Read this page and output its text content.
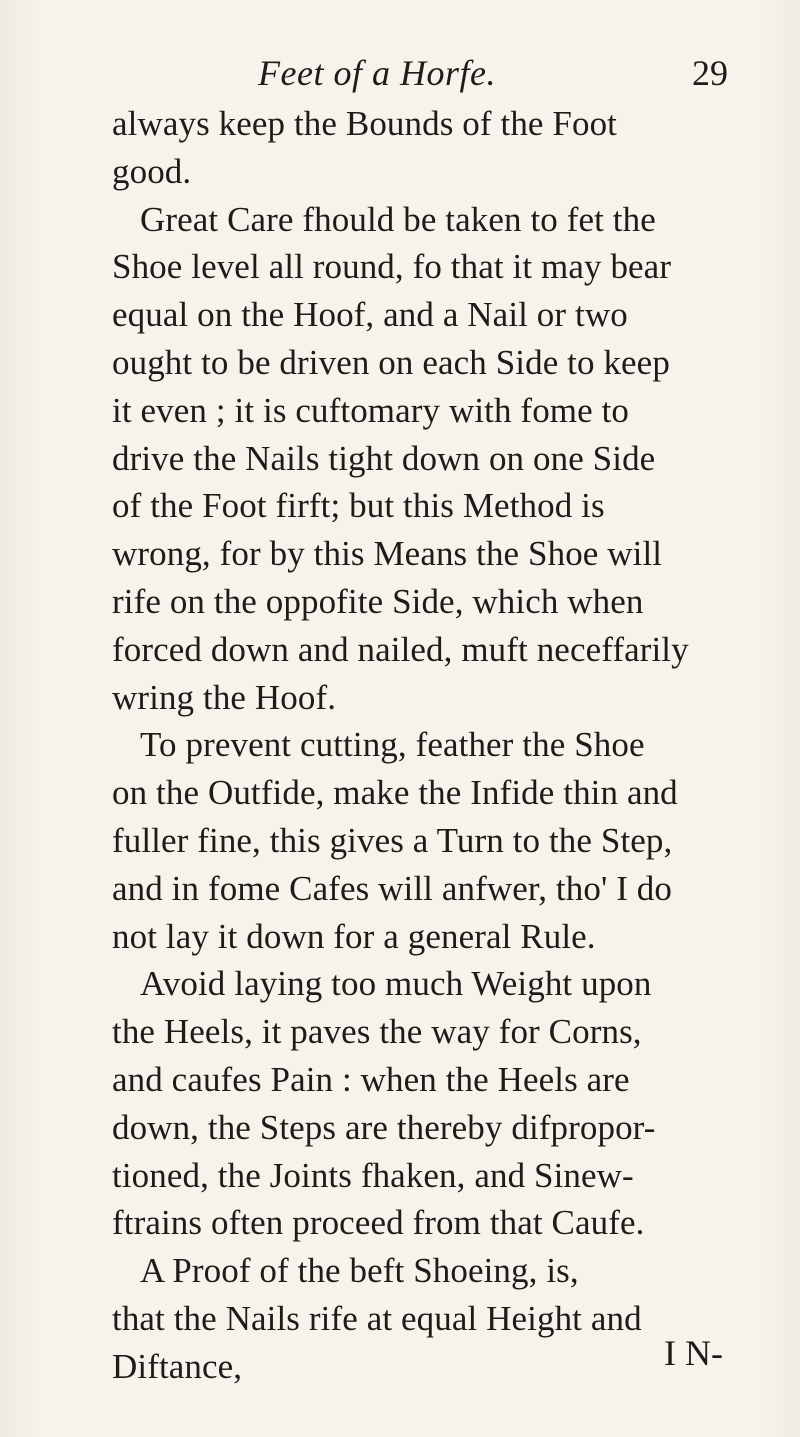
Feet of a Horfe.	29
always keep the Bounds of the Foot
good.
Great Care fhould be taken to fet the
Shoe level all round, fo that it may bear
equal on the Hoof, and a Nail or two
ought to be driven on each Side to keep
it even ; it is cuftomary with fome to
drive the Nails tight down on one Side
of the Foot firft; but this Method is
wrong, for by this Means the Shoe will
rife on the oppofite Side, which when
forced down and nailed, muft neceffarily
wring the Hoof.
To prevent cutting, feather the Shoe
on the Outfide, make the Infide thin and
fuller fine, this gives a Turn to the Step,
and in fome Cafes will anfwer, tho' I do
not lay it down for a general Rule.
Avoid laying too much Weight upon
the Heels, it paves the way for Corns,
and caufes Pain : when the Heels are
down, the Steps are thereby difpropor-
tioned, the Joints fhaken, and Sinew-
ftrains often proceed from that Caufe.
A Proof of the beft Shoeing, is,
that the Nails rife at equal Height and
Diftance,	I N-
